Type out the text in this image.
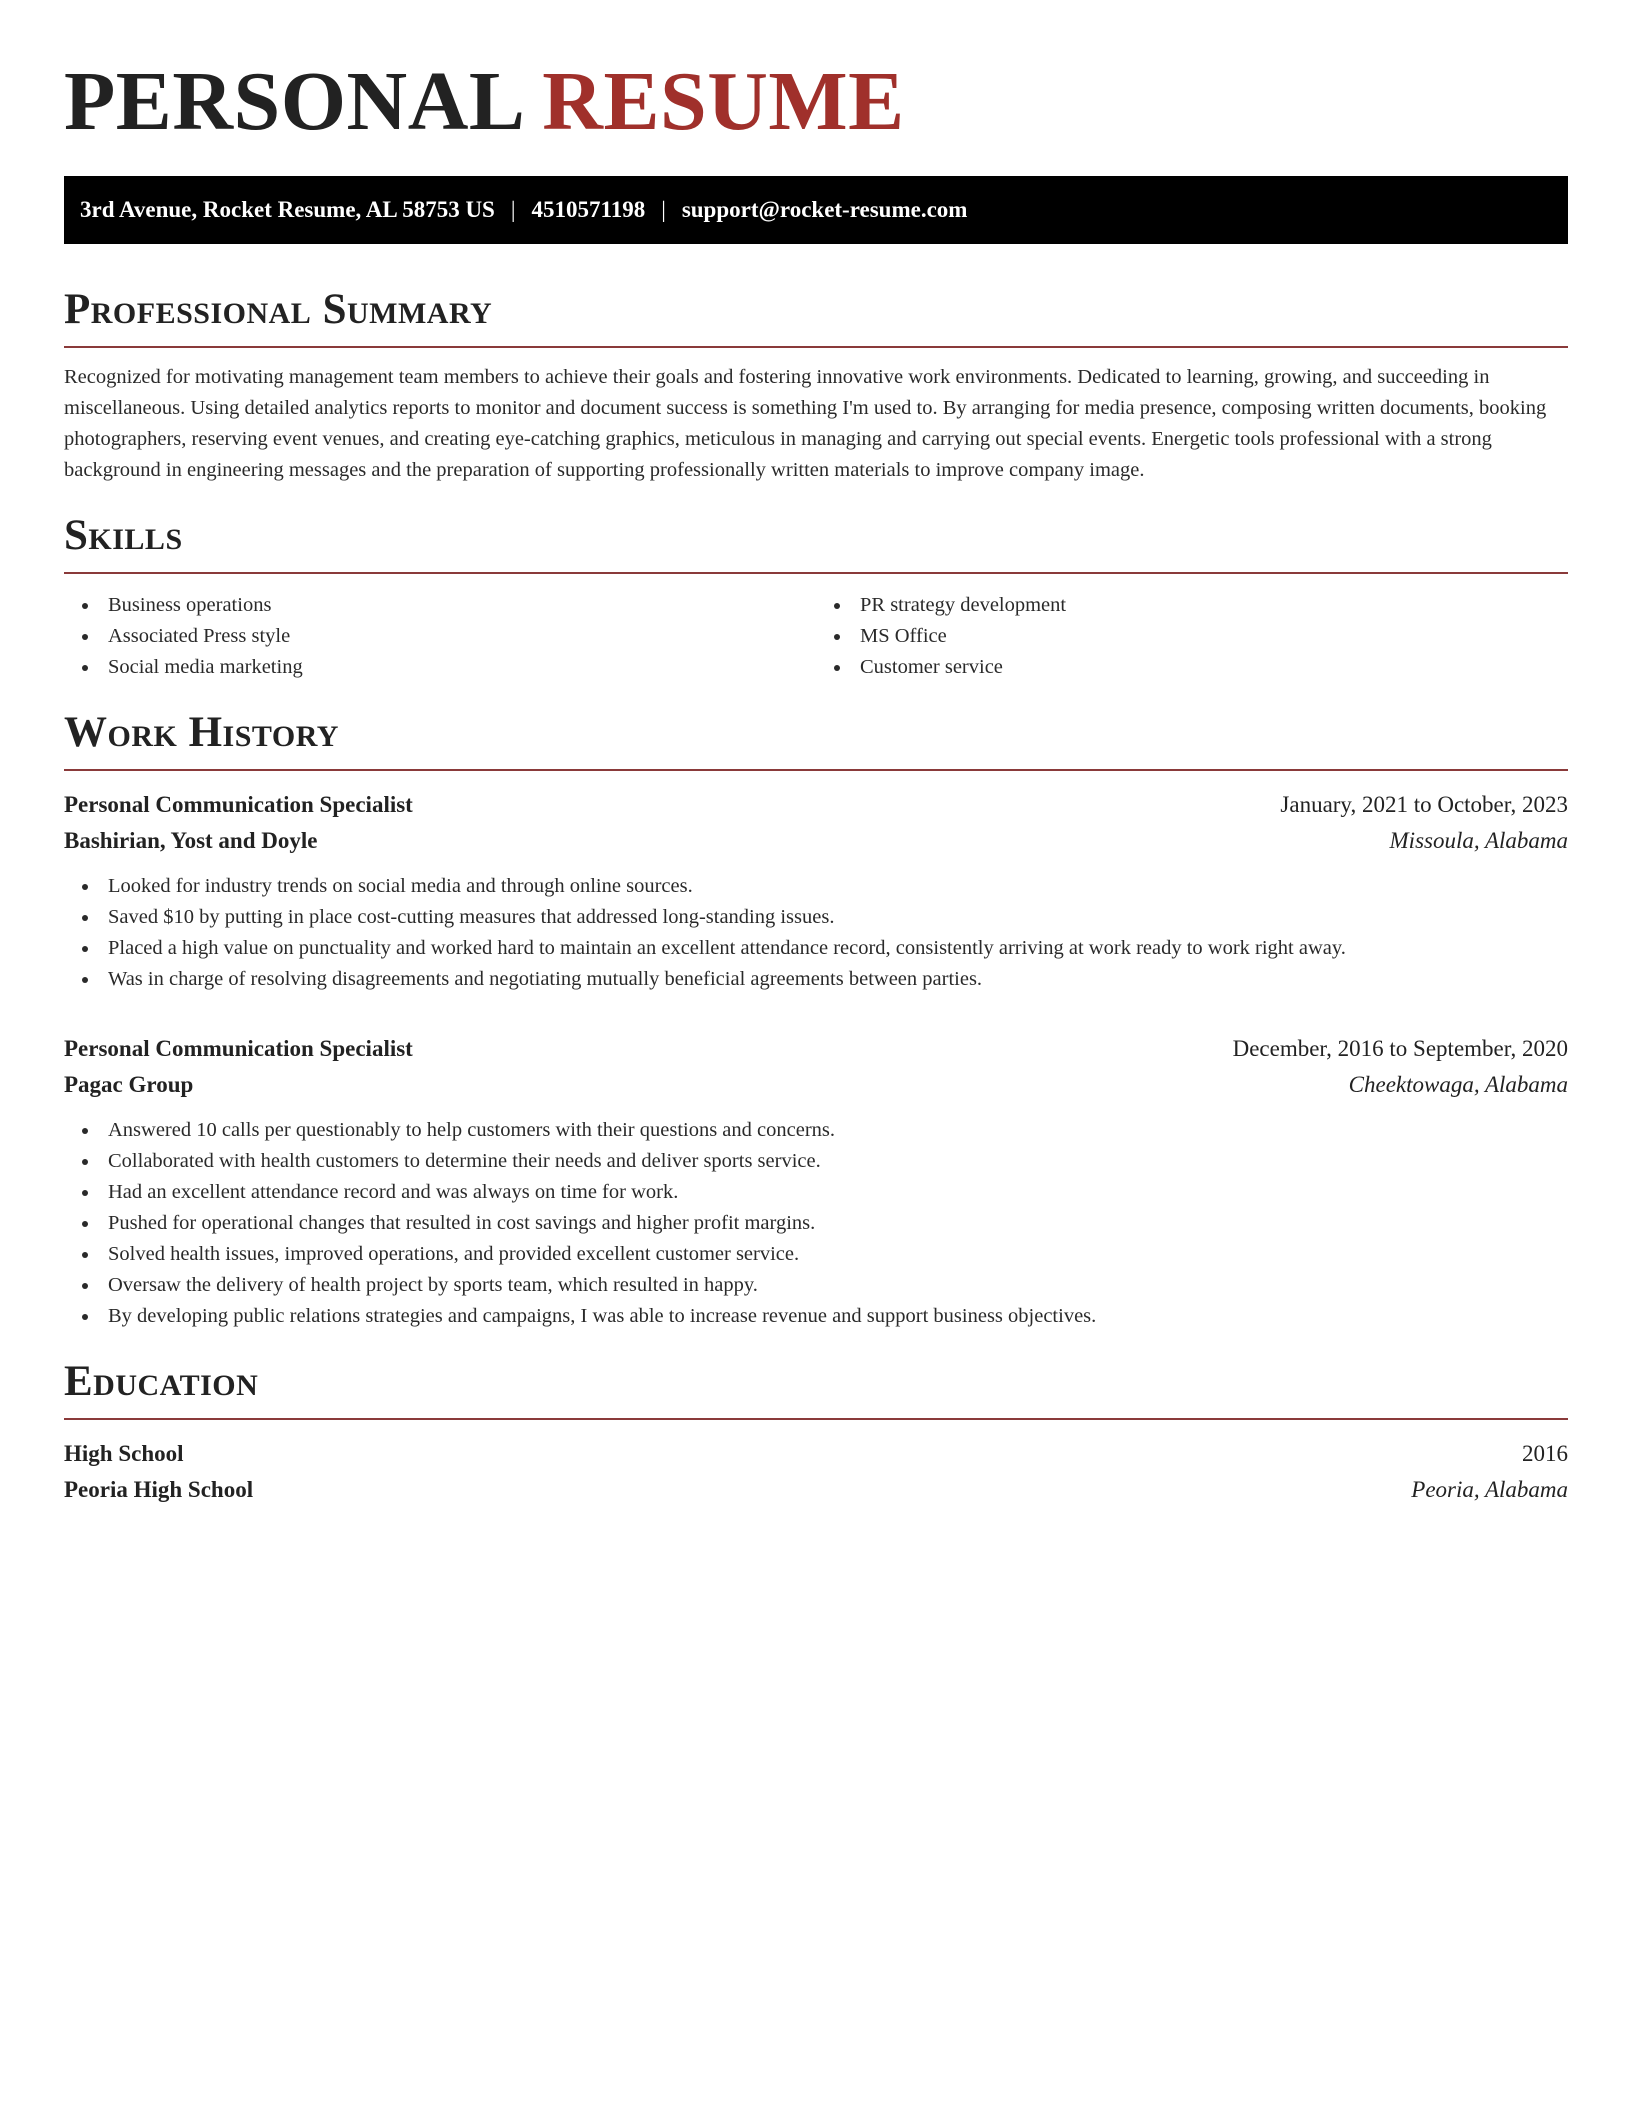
PERSONAL RESUME
3rd Avenue, Rocket Resume, AL 58753 US | 4510571198 | support@rocket-resume.com
Professional Summary

Recognized for motivating management team members to achieve their goals and fostering innovative work environments. Dedicated to learning, growing, and succeeding in miscellaneous. Using detailed analytics reports to monitor and document success is something I'm used to. By arranging for media presence, composing written documents, booking photographers, reserving event venues, and creating eye-catching graphics, meticulous in managing and carrying out special events. Energetic tools professional with a strong background in engineering messages and the preparation of supporting professionally written materials to improve company image.

Skills
Business operations
Associated Press style
Social media marketing
PR strategy development
MS Office
Customer service
Work History
Personal Communication Specialist	January, 2021 to October, 2023
Bashirian, Yost and Doyle	Missoula, Alabama
Looked for industry trends on social media and through online sources.
Saved $10 by putting in place cost-cutting measures that addressed long-standing issues.
Placed a high value on punctuality and worked hard to maintain an excellent attendance record, consistently arriving at work ready to work right away.
Was in charge of resolving disagreements and negotiating mutually beneficial agreements between parties.
Personal Communication Specialist	December, 2016 to September, 2020
Pagac Group	Cheektowaga, Alabama
Answered 10 calls per questionably to help customers with their questions and concerns.
Collaborated with health customers to determine their needs and deliver sports service.
Had an excellent attendance record and was always on time for work.
Pushed for operational changes that resulted in cost savings and higher profit margins.
Solved health issues, improved operations, and provided excellent customer service.
Oversaw the delivery of health project by sports team, which resulted in happy.
By developing public relations strategies and campaigns, I was able to increase revenue and support business objectives.
Education
High School	2016
Peoria High School	Peoria, Alabama
